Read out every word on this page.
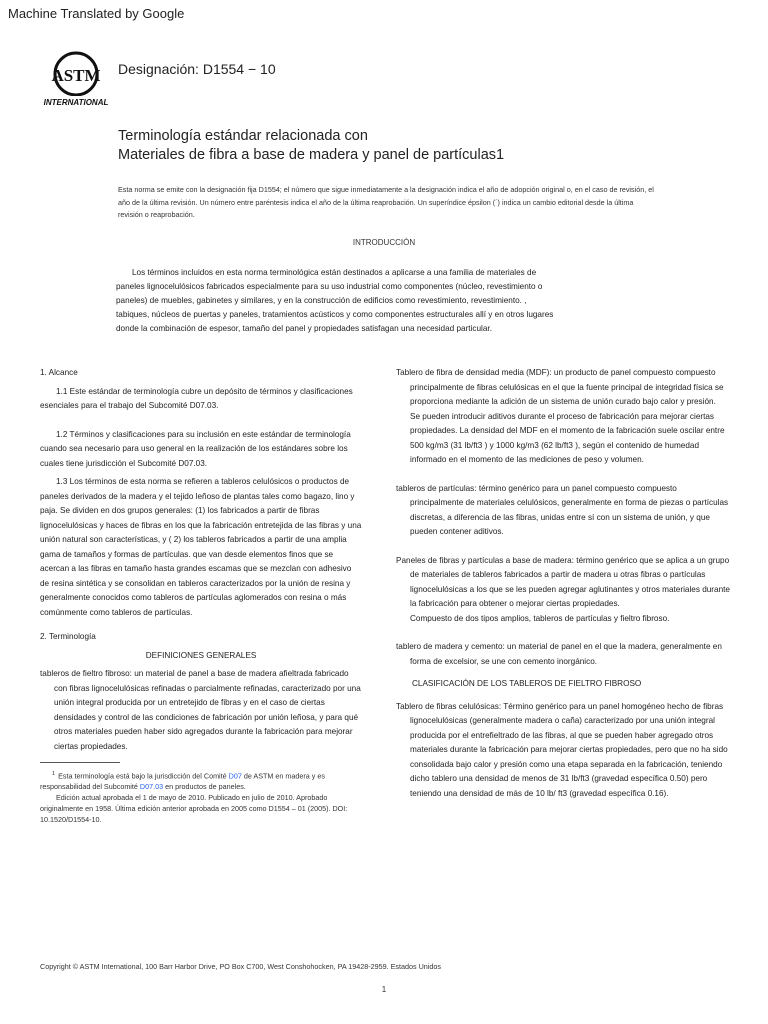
Machine Translated by Google
ASTM
INTERNATIONAL
Designación: D1554 − 10
Terminología estándar relacionada con
Materiales de fibra a base de madera y panel de partículas1
Esta norma se emite con la designación fija D1554; el número que sigue inmediatamente a la designación indica el año de adopción original o, en el caso de revisión, el año de la última revisión. Un número entre paréntesis indica el año de la última reaprobación. Un superíndice épsilon (´) indica un cambio editorial desde la última revisión o reaprobación.
INTRODUCCIÓN
Los términos incluidos en esta norma terminológica están destinados a aplicarse a una familia de materiales de
paneles lignocelulósicos fabricados especialmente para su uso industrial como componentes (núcleo, revestimiento o
paneles) de muebles, gabinetes y similares, y en la construcción de edificios como revestimiento, revestimiento. ,
tabiques, núcleos de puertas y paneles, tratamientos acústicos y como componentes estructurales allí y en otros lugares
donde la combinación de espesor, tamaño del panel y propiedades satisfagan una necesidad particular.
1. Alcance
1.1 Este estándar de terminología cubre un depósito de términos y clasificaciones esenciales para el trabajo del Subcomité D07.03.
1.2 Términos y clasificaciones para su inclusión en este estándar de terminología cuando sea necesario para uso general en la realización de los estándares sobre los cuales tiene jurisdicción el Subcomité D07.03.
1.3 Los términos de esta norma se refieren a tableros celulósicos o productos de paneles derivados de la madera y el tejido leñoso de plantas tales como bagazo, lino y paja. Se dividen en dos grupos generales: (1) los fabricados a partir de fibras lignocelulósicas y haces de fibras en los que la fabricación entretejida de las fibras y una unión natural son características, y ( 2) los tableros fabricados a partir de una amplia gama de tamaños y formas de partículas. que van desde elementos finos que se acercan a las fibras en tamaño hasta grandes escamas que se mezclan con adhesivo de resina sintética y se consolidan en tableros caracterizados por la unión de resina y generalmente conocidos como tableros de partículas aglomerados con resina o más comúnmente como tableros de partículas.
2. Terminología
DEFINICIONES GENERALES
tableros de fieltro fibroso: un material de panel a base de madera afieltrada fabricado con fibras lignocelulósicas refinadas o parcialmente refinadas, caracterizado por una unión integral producida por un entretejido de fibras y en el caso de ciertas densidades y control de las condiciones de fabricación por unión leñosa, y para qué otros materiales pueden haber sido agregados durante la fabricación para mejorar ciertas propiedades.
$^1$ Esta terminología está bajo la jurisdicción del Comité D07 de ASTM en madera y es responsabilidad del Subcomité D07.03 en productos de paneles.
Edición actual aprobada el 1 de mayo de 2010. Publicado en julio de 2010. Aprobado originalmente en 1958. Última edición anterior aprobada en 2005 como D1554 – 01 (2005). DOI: 10.1520/D1554-10.
Tablero de fibra de densidad media (MDF): un producto de panel compuesto compuesto principalmente de fibras celulósicas en el que la fuente principal de integridad física se proporciona mediante la adición de un sistema de unión curado bajo calor y presión.
Se pueden introducir aditivos durante el proceso de fabricación para mejorar ciertas propiedades. La densidad del MDF en el momento de la fabricación suele oscilar entre 500 kg/m3 (31 lb/ft3 ) y 1000 kg/m3 (62 lb/ft3 ), según el contenido de humedad informado en el momento de las mediciones de peso y volumen.
tableros de partículas: término genérico para un panel compuesto compuesto principalmente de materiales celulósicos, generalmente en forma de piezas o partículas discretas, a diferencia de las fibras, unidas entre sí con un sistema de unión, y que pueden contener aditivos.
Paneles de fibras y partículas a base de madera: término genérico que se aplica a un grupo de materiales de tableros fabricados a partir de madera u otras fibras o partículas lignocelulósicas a los que se les pueden agregar aglutinantes y otros materiales durante la fabricación para obtener o mejorar ciertas propiedades.
Compuesto de dos tipos amplios, tableros de partículas y fieltro fibroso.
tablero de madera y cemento: un material de panel en el que la madera, generalmente en forma de excelsior, se une con cemento inorgánico.
CLASIFICACIÓN DE LOS TABLEROS DE FIELTRO FIBROSO
Tablero de fibras celulósicas: Término genérico para un panel homogéneo hecho de fibras lignocelulósicas (generalmente madera o caña) caracterizado por una unión integral producida por el entrefieltrado de las fibras, al que se pueden haber agregado otros materiales durante la fabricación para mejorar ciertas propiedades, pero que no ha sido consolidada bajo calor y presión como una etapa separada en la fabricación, teniendo dicho tablero una densidad de menos de 31 lb/ft3 (gravedad específica 0.50) pero teniendo una densidad de más de 10 lb/ ft3 (gravedad específica 0.16).
Copyright © ASTM International, 100 Barr Harbor Drive, PO Box C700, West Conshohocken, PA 19428-2959. Estados Unidos
1
